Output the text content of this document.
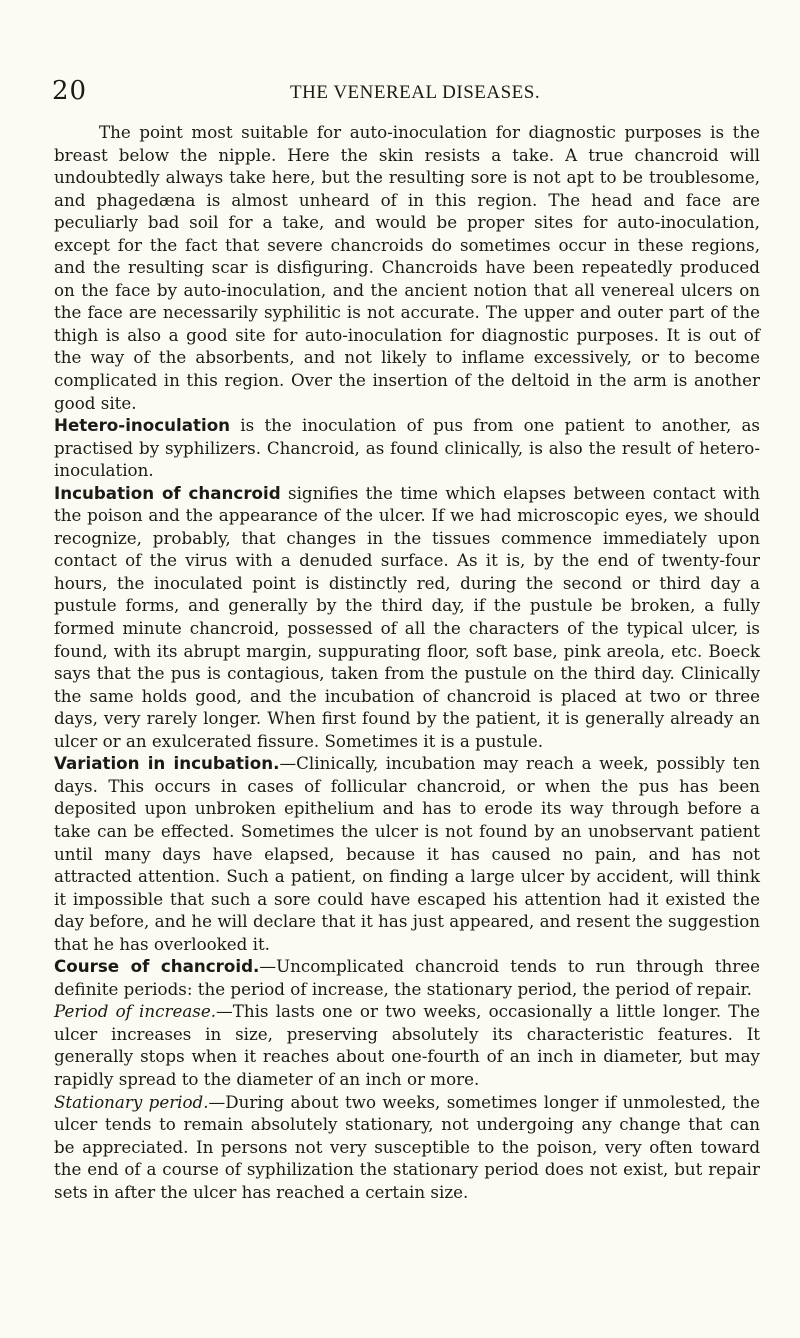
20	THE VENEREAL DISEASES.

The point most suitable for auto-inoculation for diagnostic purposes is the breast below the nipple. Here the skin resists a take. A true chancroid will undoubtedly always take here, but the resulting sore is not apt to be troublesome, and phagedæna is almost unheard of in this region. The head and face are peculiarly bad soil for a take, and would be proper sites for auto-inoculation, except for the fact that severe chancroids do sometimes occur in these regions, and the resulting scar is disfiguring. Chancroids have been repeatedly produced on the face by auto-inoculation, and the ancient notion that all venereal ulcers on the face are necessarily syphilitic is not accurate. The upper and outer part of the thigh is also a good site for auto-inoculation for diagnostic purposes. It is out of the way of the absorbents, and not likely to inflame excessively, or to become complicated in this region. Over the insertion of the deltoid in the arm is another good site.

Hetero-inoculation is the inoculation of pus from one patient to another, as practised by syphilizers. Chancroid, as found clinically, is also the result of hetero-inoculation.

Incubation of chancroid signifies the time which elapses between contact with the poison and the appearance of the ulcer. If we had microscopic eyes, we should recognize, probably, that changes in the tissues commence immediately upon contact of the virus with a denuded surface. As it is, by the end of twenty-four hours, the inoculated point is distinctly red, during the second or third day a pustule forms, and generally by the third day, if the pustule be broken, a fully formed minute chancroid, possessed of all the characters of the typical ulcer, is found, with its abrupt margin, suppurating floor, soft base, pink areola, etc. Boeck says that the pus is contagious, taken from the pustule on the third day. Clinically the same holds good, and the incubation of chancroid is placed at two or three days, very rarely longer. When first found by the patient, it is generally already an ulcer or an exulcerated fissure. Sometimes it is a pustule.

Variation in incubation.—Clinically, incubation may reach a week, possibly ten days. This occurs in cases of follicular chancroid, or when the pus has been deposited upon unbroken epithelium and has to erode its way through before a take can be effected. Sometimes the ulcer is not found by an unobservant patient until many days have elapsed, because it has caused no pain, and has not attracted attention. Such a patient, on finding a large ulcer by accident, will think it impossible that such a sore could have escaped his attention had it existed the day before, and he will declare that it has just appeared, and resent the suggestion that he has overlooked it.

Course of chancroid.—Uncomplicated chancroid tends to run through three definite periods: the period of increase, the stationary period, the period of repair.

Period of increase.—This lasts one or two weeks, occasionally a little longer. The ulcer increases in size, preserving absolutely its characteristic features. It generally stops when it reaches about one-fourth of an inch in diameter, but may rapidly spread to the diameter of an inch or more.

Stationary period.—During about two weeks, sometimes longer if unmolested, the ulcer tends to remain absolutely stationary, not undergoing any change that can be appreciated. In persons not very susceptible to the poison, very often toward the end of a course of syphilization the stationary period does not exist, but repair sets in after the ulcer has reached a certain size.
